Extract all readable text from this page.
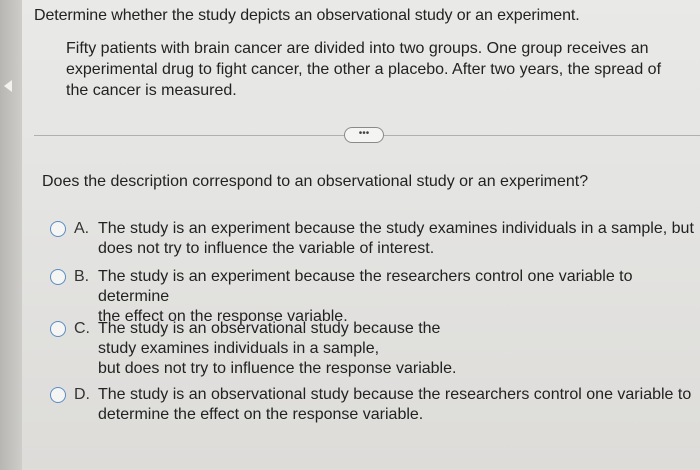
Determine whether the study depicts an observational study or an experiment.
Fifty patients with brain cancer are divided into two groups. One group receives an experimental drug to fight cancer, the other a placebo. After two years, the spread of the cancer is measured.
•••
Does the description correspond to an observational study or an experiment?
A. The study is an experiment because the study examines individuals in a sample, but
does not try to influence the variable of interest.
B. The study is an experiment because the researchers control one variable to determine
the effect on the response variable.
C. The study is an observational study because the
study examines individuals in a sample,
but does not try to influence the response variable.
D. The study is an observational study because the researchers control one variable to
determine the effect on the response variable.
